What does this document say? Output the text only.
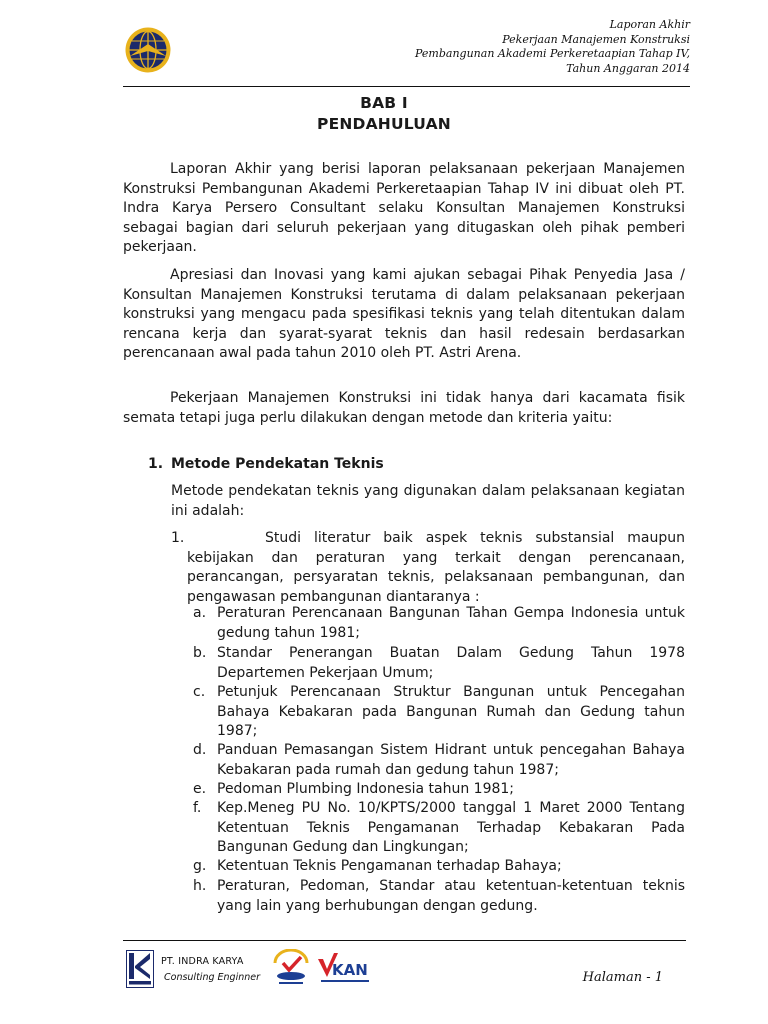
Laporan Akhir
Pekerjaan Manajemen Konstruksi
Pembangunan Akademi Perkeretaapian Tahap IV,
Tahun Anggaran 2014
BAB I
PENDAHULUAN
Laporan Akhir yang berisi laporan pelaksanaan pekerjaan Manajemen Konstruksi Pembangunan Akademi Perkeretaapian Tahap IV ini dibuat oleh PT. Indra Karya Persero Consultant selaku Konsultan Manajemen Konstruksi sebagai bagian dari seluruh pekerjaan yang ditugaskan oleh pihak pemberi pekerjaan.
Apresiasi dan Inovasi yang kami ajukan sebagai Pihak Penyedia Jasa / Konsultan Manajemen Konstruksi terutama di dalam pelaksanaan pekerjaan konstruksi yang mengacu pada spesifikasi teknis yang telah ditentukan dalam rencana kerja dan syarat-syarat teknis dan hasil redesain berdasarkan perencanaan awal pada tahun 2010 oleh PT. Astri Arena.
Pekerjaan Manajemen Konstruksi ini tidak hanya dari kacamata fisik semata tetapi juga perlu dilakukan dengan metode dan kriteria yaitu:
1. Metode Pendekatan Teknis
Metode pendekatan teknis yang digunakan dalam pelaksanaan kegiatan ini adalah:
1.	Studi literatur baik aspek teknis substansial maupun kebijakan dan peraturan yang terkait dengan perencanaan, perancangan, persyaratan teknis, pelaksanaan pembangunan, dan pengawasan pembangunan diantaranya :
a. Peraturan Perencanaan Bangunan Tahan Gempa Indonesia untuk gedung tahun 1981;
b. Standar Penerangan Buatan Dalam Gedung Tahun 1978 Departemen Pekerjaan Umum;
c. Petunjuk Perencanaan Struktur Bangunan untuk Pencegahan Bahaya Kebakaran pada Bangunan Rumah dan Gedung tahun 1987;
d. Panduan Pemasangan Sistem Hidrant untuk pencegahan Bahaya Kebakaran pada rumah dan gedung tahun 1987;
e. Pedoman Plumbing Indonesia tahun 1981;
f. Kep.Meneg PU No. 10/KPTS/2000 tanggal 1 Maret 2000 Tentang Ketentuan Teknis Pengamanan Terhadap Kebakaran Pada Bangunan Gedung dan Lingkungan;
g. Ketentuan Teknis Pengamanan terhadap Bahaya;
h. Peraturan, Pedoman, Standar atau ketentuan-ketentuan teknis yang lain yang berhubungan dengan gedung.
PT. INDRA KARYA
Consulting Enginner	KAN	Halaman - 1
